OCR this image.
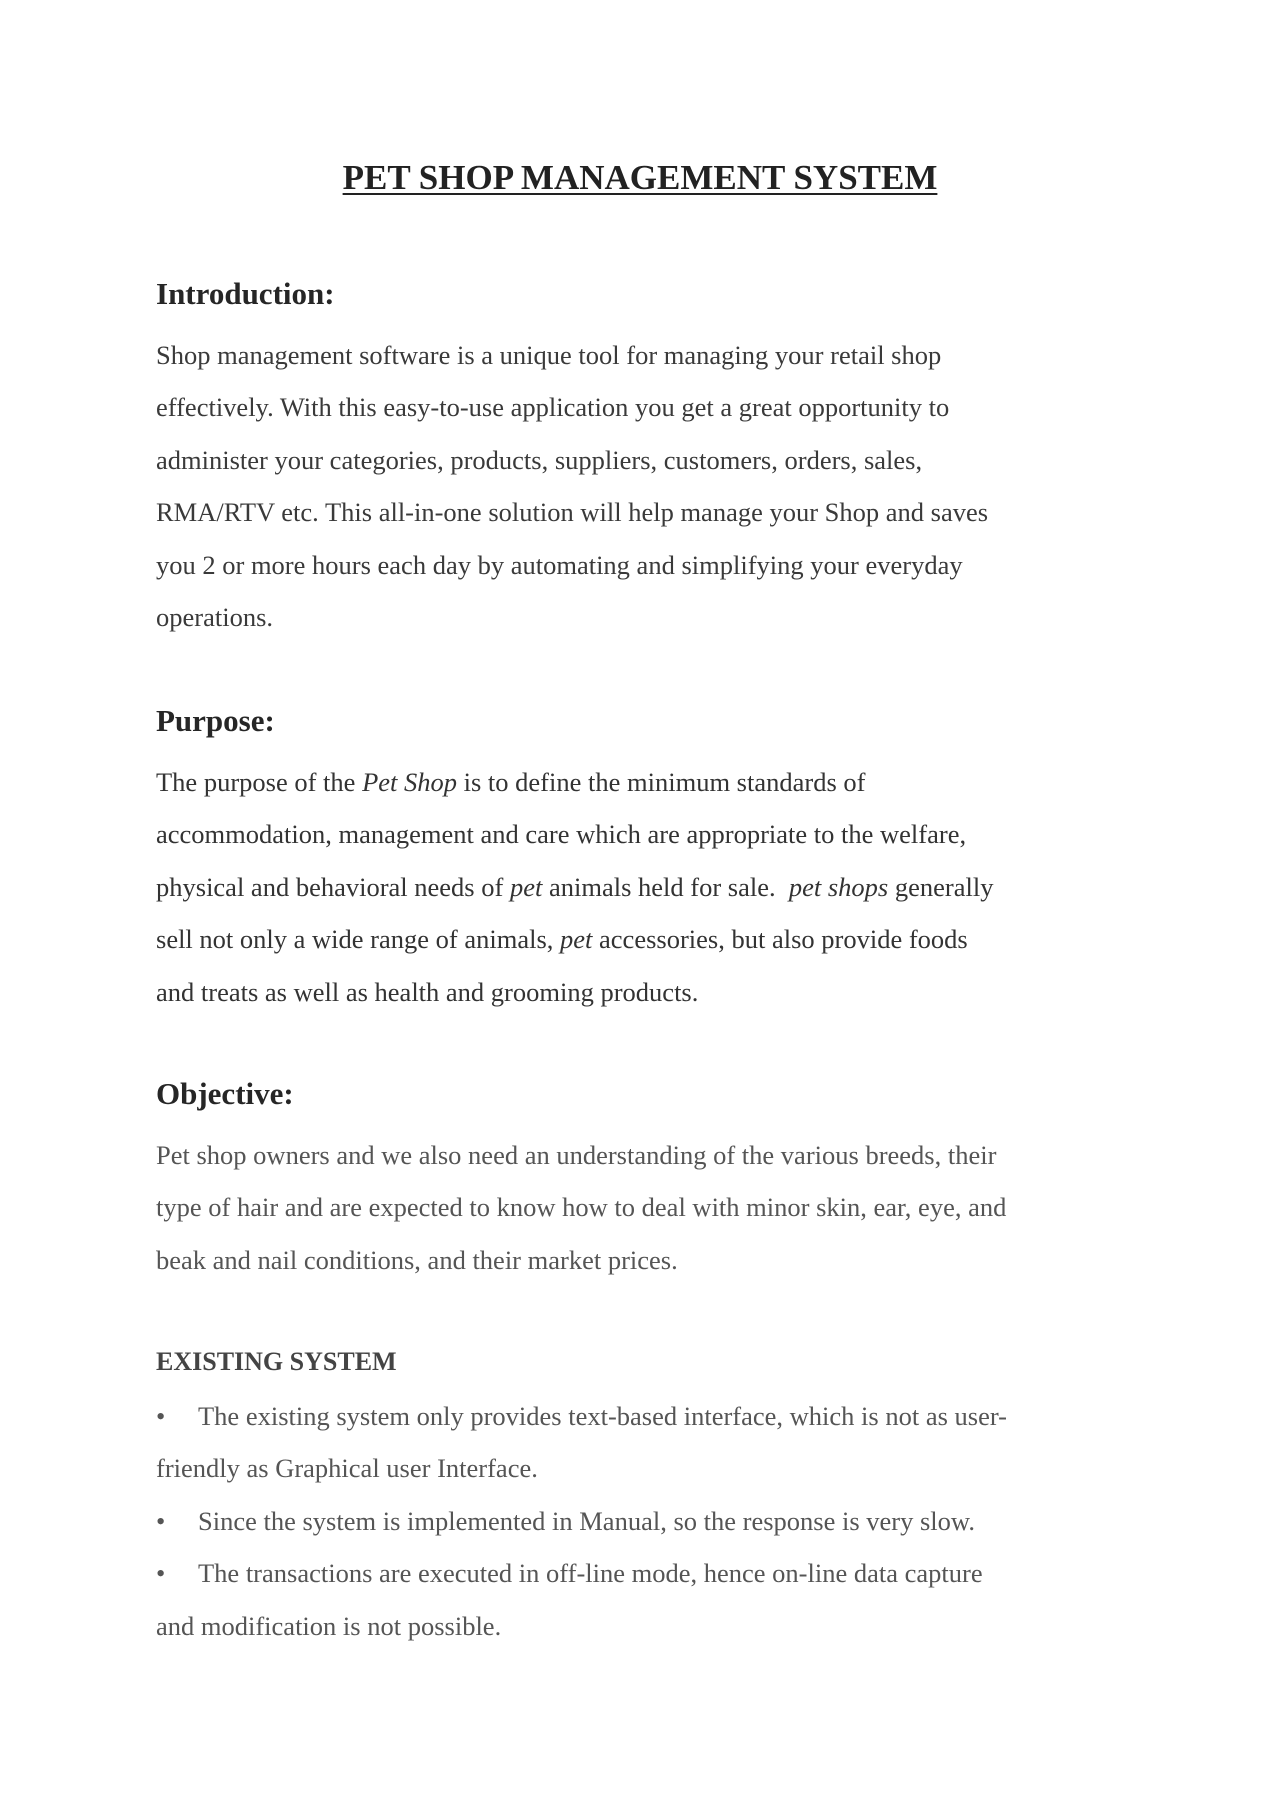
PET SHOP MANAGEMENT SYSTEM
Introduction:
Shop management software is a unique tool for managing your retail shop
effectively. With this easy-to-use application you get a great opportunity to
administer your categories, products, suppliers, customers, orders, sales,
RMA/RTV etc. This all-in-one solution will help manage your Shop and saves
you 2 or more hours each day by automating and simplifying your everyday
operations.
Purpose:
The purpose of the Pet Shop is to define the minimum standards of
accommodation, management and care which are appropriate to the welfare,
physical and behavioral needs of pet animals held for sale.  pet shops generally
sell not only a wide range of animals, pet accessories, but also provide foods
and treats as well as health and grooming products.
Objective:
Pet shop owners and we also need an understanding of the various breeds, their
type of hair and are expected to know how to deal with minor skin, ear, eye, and
beak and nail conditions, and their market prices.
EXISTING SYSTEM
• The existing system only provides text-based interface, which is not as user-
friendly as Graphical user Interface.
• Since the system is implemented in Manual, so the response is very slow.
• The transactions are executed in off-line mode, hence on-line data capture
and modification is not possible.
